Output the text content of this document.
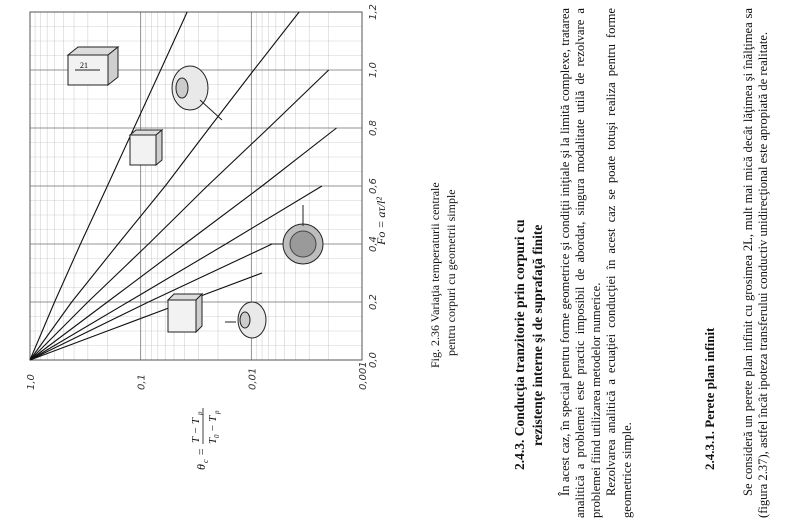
0,0
0,2
0,4
0,6
0,8
1,0
1,2
1,0	0,1	0,01	0,001
Fo = aτ/l²
θ
c
=
T − T
p
T
0
− T
p
21
Fig. 2.36 Variaţia temperaturii centrale pentru corpuri cu geometrii simple	2.4.3. Conducţia tranzitorie prin corpuri cu rezistenţe interne şi de suprafaţă finite În acest caz, în special pentru forme geometrice şi condiţii iniţiale şi la limită complexe, tratarea analitică a problemei este practic imposibil de abordat, singura modalitate utilă de rezolvare a problemei fiind utilizarea metodelor numerice. Rezolvarea analitică a ecuaţiei conducţiei în acest caz se poate totuşi realiza pentru forme geometrice simple.

2.4.3.1. Perete plan infinit Se consideră un perete plan infinit cu grosimea 2L, mult mai mică decât lăţimea şi înălţimea sa (figura 2.37), astfel încât ipoteza transferului conductiv unidirecţional este apropiată de realitate.
